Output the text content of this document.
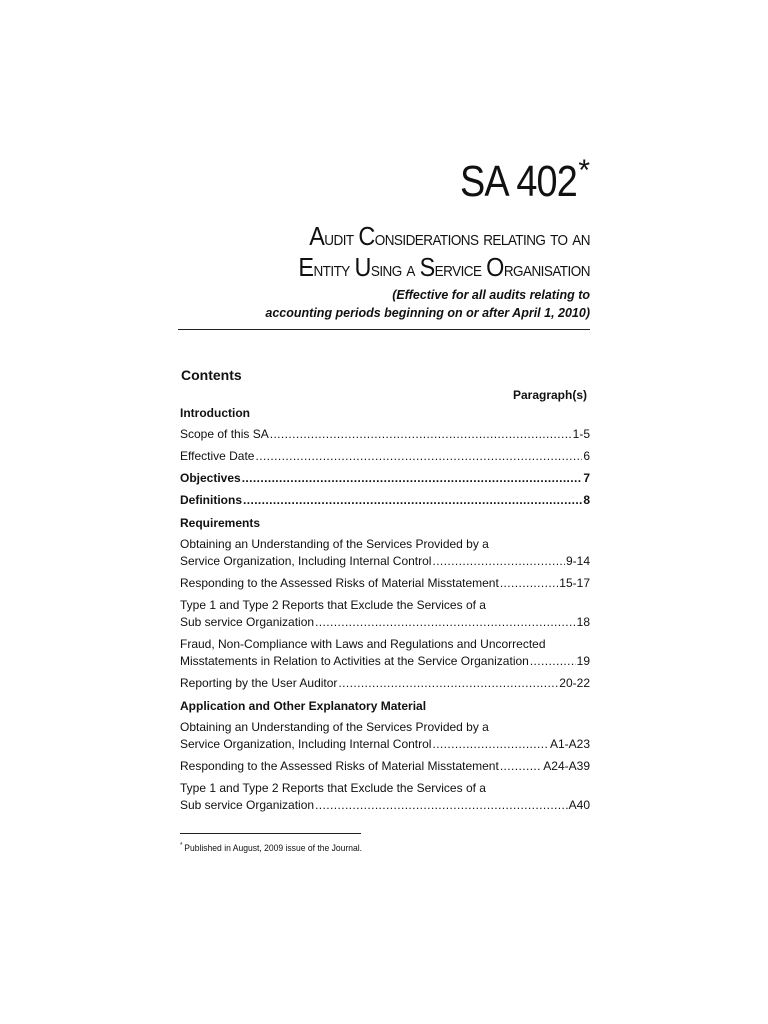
SA 402*
Audit Considerations relating to an
Entity Using a Service Organisation
(Effective for all audits relating to
accounting periods beginning on or after April 1, 2010)
Contents
Paragraph(s)
Introduction
Scope of this SA .....	1-5
Effective Date .....	6
Objectives .....	7
Definitions .....	8
Requirements
Obtaining an Understanding of the Services Provided by a
Service Organization, Including Internal Control .....	9-14
Responding to the Assessed Risks of Material Misstatement .....	15-17
Type 1 and Type 2 Reports that Exclude the Services of a
Sub service Organization .....	18
Fraud, Non-Compliance with Laws and Regulations and Uncorrected
Misstatements in Relation to Activities at the Service Organization .....	19
Reporting by the User Auditor .....	20-22
Application and Other Explanatory Material
Obtaining an Understanding of the Services Provided by a
Service Organization, Including Internal Control .....	A1-A23
Responding to the Assessed Risks of Material Misstatement .....	A24-A39
Type 1 and Type 2 Reports that Exclude the Services of a
Sub service Organization .....	A40
* Published in August, 2009 issue of the Journal.
